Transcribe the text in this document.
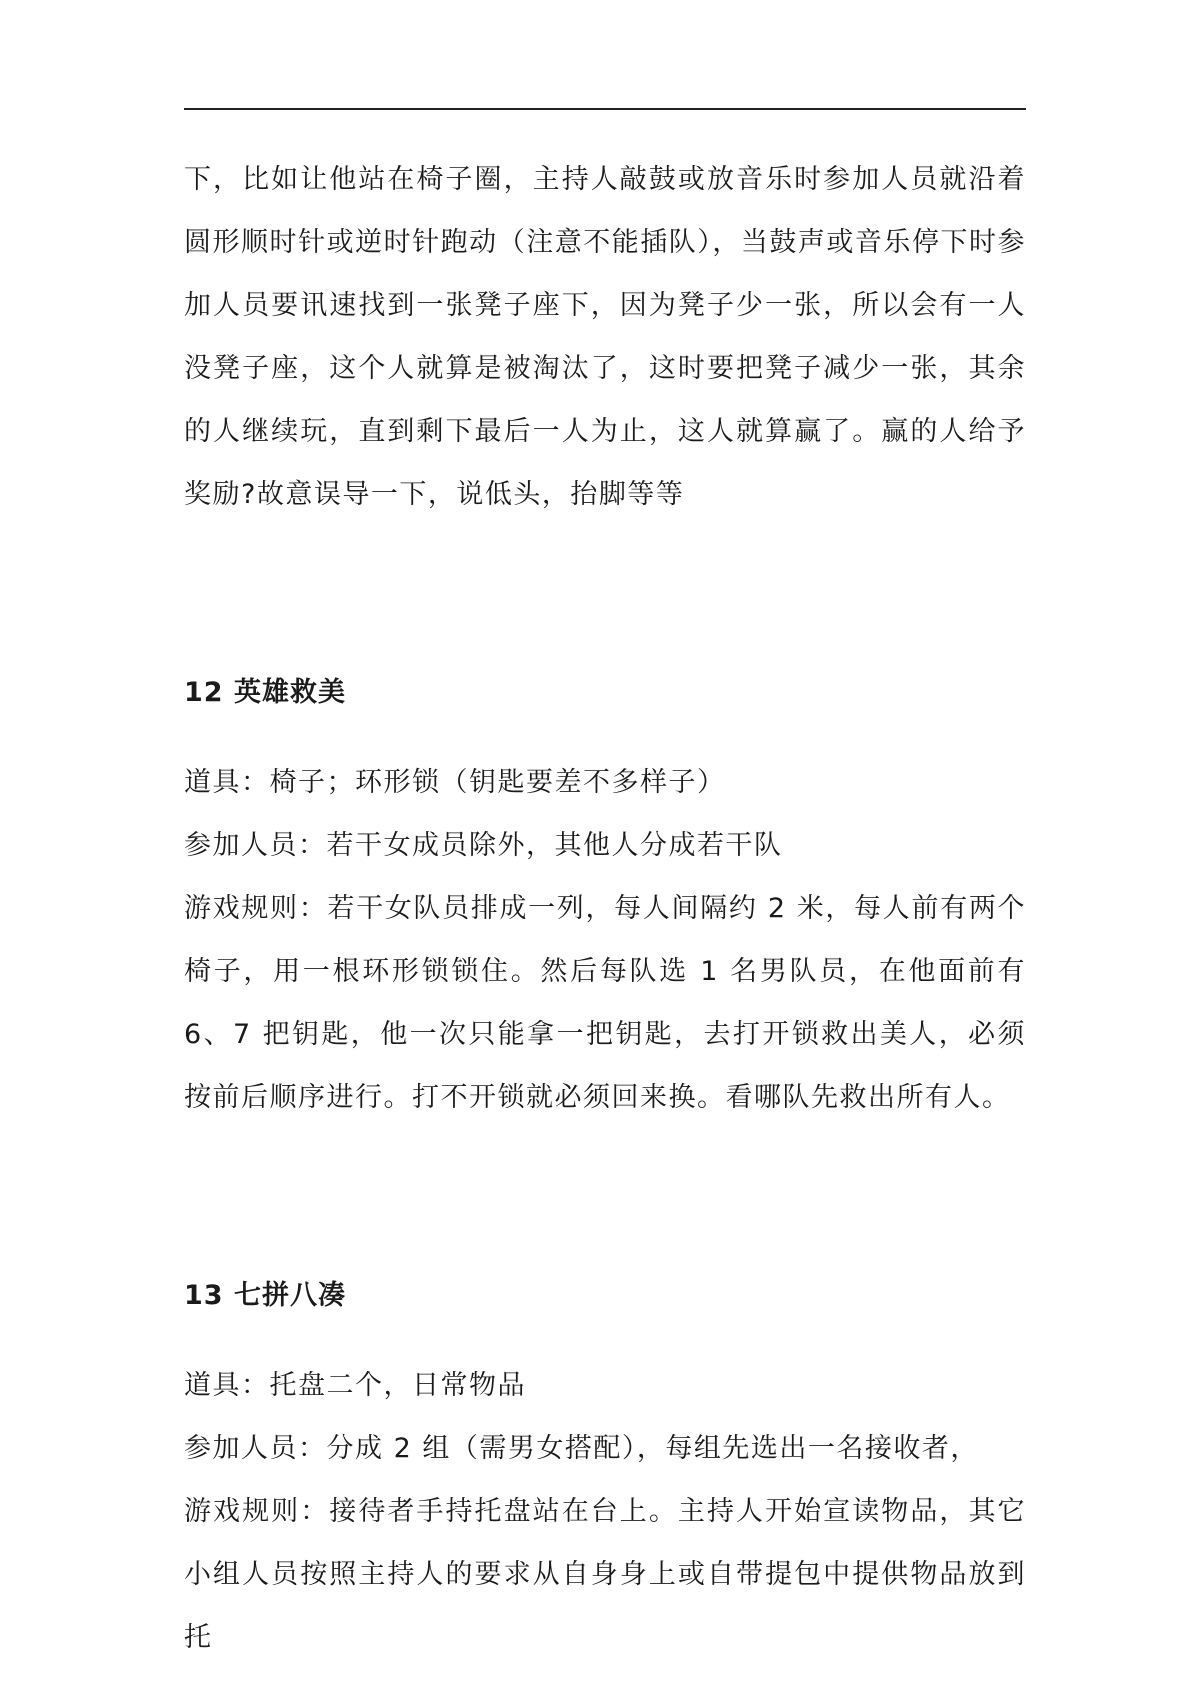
下，比如让他站在椅子圈，主持人敲鼓或放音乐时参加人员就沿着圆形顺时针或逆时针跑动（注意不能插队），当鼓声或音乐停下时参加人员要讯速找到一张凳子座下，因为凳子少一张，所以会有一人没凳子座，这个人就算是被淘汰了，这时要把凳子减少一张，其余的人继续玩，直到剩下最后一人为止，这人就算赢了。赢的人给予奖励?故意误导一下，说低头，抬脚等等

12 英雄救美

道具：椅子；环形锁（钥匙要差不多样子）

参加人员：若干女成员除外，其他人分成若干队

游戏规则：若干女队员排成一列，每人间隔约 2 米，每人前有两个椅子，用一根环形锁锁住。然后每队选 1 名男队员，在他面前有 6、7 把钥匙，他一次只能拿一把钥匙，去打开锁救出美人，必须按前后顺序进行。打不开锁就必须回来换。看哪队先救出所有人。

13 七拼八凑

道具：托盘二个，日常物品

参加人员：分成 2 组（需男女搭配），每组先选出一名接收者，

游戏规则：接待者手持托盘站在台上。主持人开始宣读物品，其它小组人员按照主持人的要求从自身身上或自带提包中提供物品放到托
